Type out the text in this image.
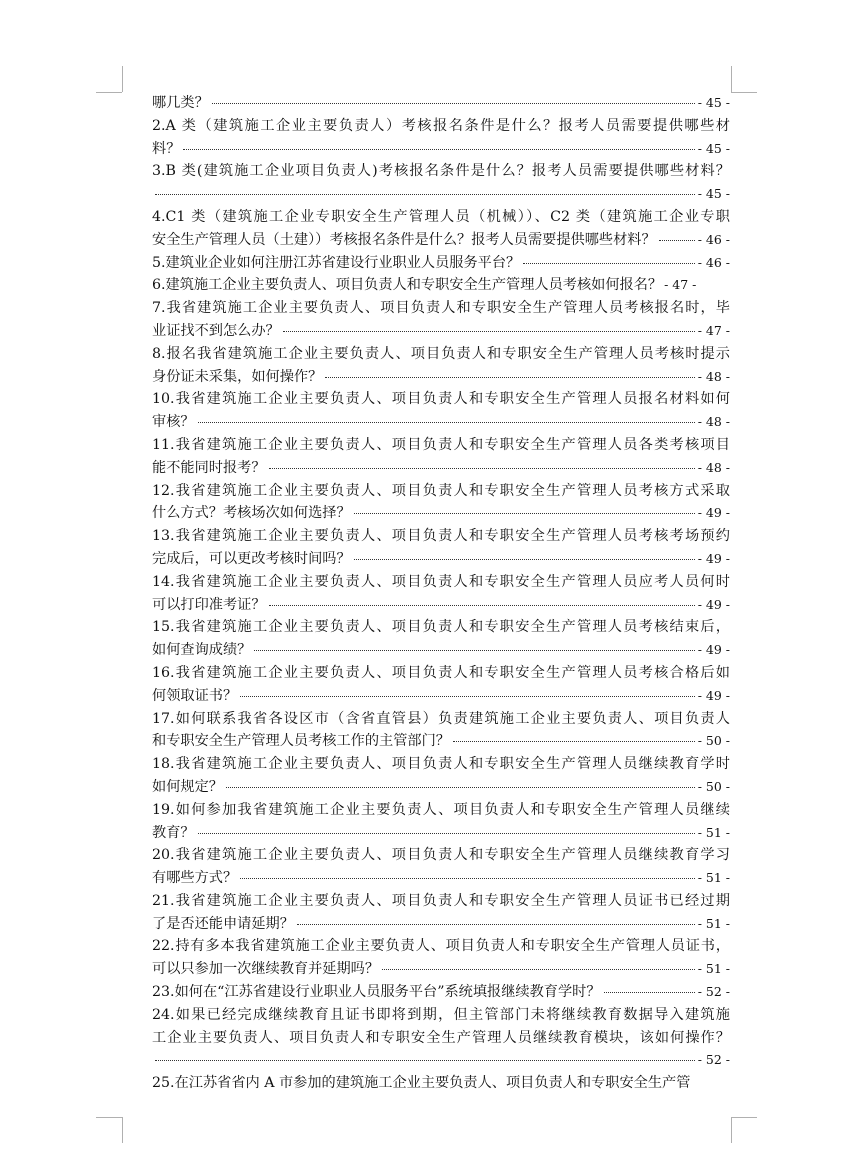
哪几类？	- 45 -
2.A 类（建筑施工企业主要负责人）考核报名条件是什么？报考人员需要提供哪些材
料？	- 45 -
3.B 类(建筑施工企业项目负责人)考核报名条件是什么？报考人员需要提供哪些材料？
- 45 -
4.C1 类（建筑施工企业专职安全生产管理人员（机械））、C2 类（建筑施工企业专职
安全生产管理人员（土建））考核报名条件是什么？报考人员需要提供哪些材料？	- 46 -
5.建筑业企业如何注册江苏省建设行业职业人员服务平台？	- 46 -
6.建筑施工企业主要负责人、项目负责人和专职安全生产管理人员考核如何报名？ - 47 -
7.我省建筑施工企业主要负责人、项目负责人和专职安全生产管理人员考核报名时，毕
业证找不到怎么办？	- 47 -
8.报名我省建筑施工企业主要负责人、项目负责人和专职安全生产管理人员考核时提示
身份证未采集，如何操作？	- 48 -
10.我省建筑施工企业主要负责人、项目负责人和专职安全生产管理人员报名材料如何
审核？	- 48 -
11.我省建筑施工企业主要负责人、项目负责人和专职安全生产管理人员各类考核项目
能不能同时报考？	- 48 -
12.我省建筑施工企业主要负责人、项目负责人和专职安全生产管理人员考核方式采取
什么方式？考核场次如何选择？	- 49 -
13.我省建筑施工企业主要负责人、项目负责人和专职安全生产管理人员考核考场预约
完成后，可以更改考核时间吗？	- 49 -
14.我省建筑施工企业主要负责人、项目负责人和专职安全生产管理人员应考人员何时
可以打印准考证？	- 49 -
15.我省建筑施工企业主要负责人、项目负责人和专职安全生产管理人员考核结束后，
如何查询成绩？	- 49 -
16.我省建筑施工企业主要负责人、项目负责人和专职安全生产管理人员考核合格后如
何领取证书？	- 49 -
17.如何联系我省各设区市（含省直管县）负责建筑施工企业主要负责人、项目负责人
和专职安全生产管理人员考核工作的主管部门？	- 50 -
18.我省建筑施工企业主要负责人、项目负责人和专职安全生产管理人员继续教育学时
如何规定？	- 50 -
19.如何参加我省建筑施工企业主要负责人、项目负责人和专职安全生产管理人员继续
教育？	- 51 -
20.我省建筑施工企业主要负责人、项目负责人和专职安全生产管理人员继续教育学习
有哪些方式？	- 51 -
21.我省建筑施工企业主要负责人、项目负责人和专职安全生产管理人员证书已经过期
了是否还能申请延期？	- 51 -
22.持有多本我省建筑施工企业主要负责人、项目负责人和专职安全生产管理人员证书，
可以只参加一次继续教育并延期吗？	- 51 -
23.如何在“江苏省建设行业职业人员服务平台”系统填报继续教育学时？	- 52 -
24.如果已经完成继续教育且证书即将到期，但主管部门未将继续教育数据导入建筑施
工企业主要负责人、项目负责人和专职安全生产管理人员继续教育模块，该如何操作？
- 52 -
25.在江苏省省内 A 市参加的建筑施工企业主要负责人、项目负责人和专职安全生产管
